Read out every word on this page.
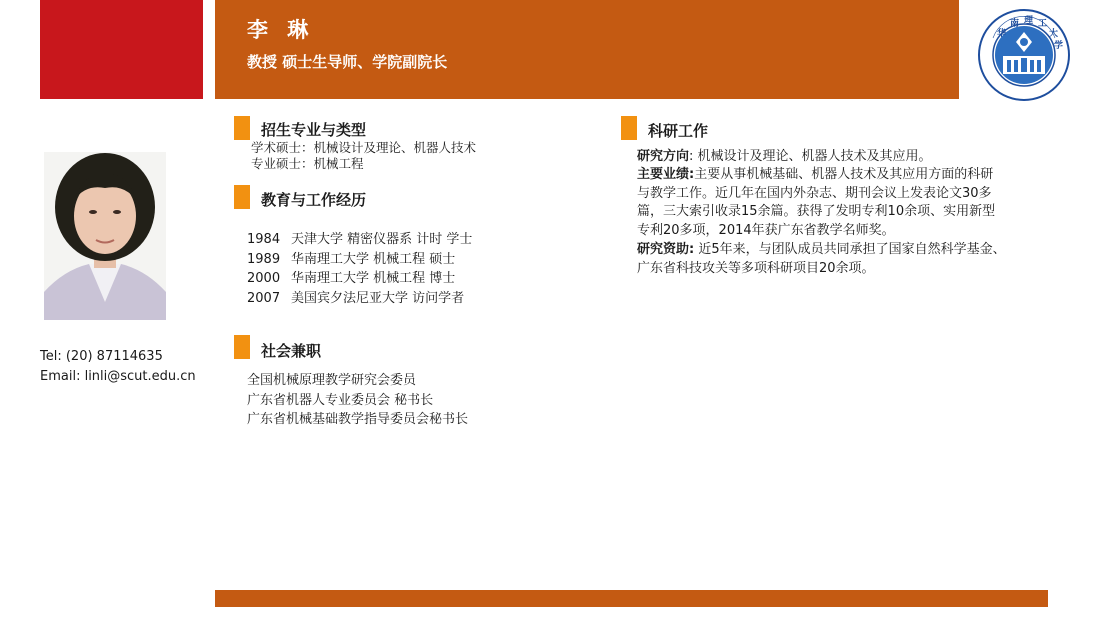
李 琳
教授 硕士生导师、学院副院长
华
南 理 工
大
学
Tel: (20) 87114635
Email: linli@scut.edu.cn
招生专业与类型
学术硕士：机械设计及理论、机器人技术
专业硕士：机械工程
教育与工作经历
1984 天津大学 精密仪器系 计时 学士
1989 华南理工大学 机械工程 硕士
2000 华南理工大学 机械工程 博士
2007 美国宾夕法尼亚大学 访问学者
社会兼职
全国机械原理教学研究会委员
广东省机器人专业委员会 秘书长
广东省机械基础教学指导委员会秘书长
科研工作
研究方向: 机械设计及理论、机器人技术及其应用。
主要业绩:主要从事机械基础、机器人技术及其应用方面的科研
与教学工作。近几年在国内外杂志、期刊会议上发表论文30多
篇，三大索引收录15余篇。获得了发明专利10余项、实用新型
专利20多项，2014年获广东省教学名师奖。
研究资助: 近5年来，与团队成员共同承担了国家自然科学基金、
广东省科技攻关等多项科研项目20余项。
